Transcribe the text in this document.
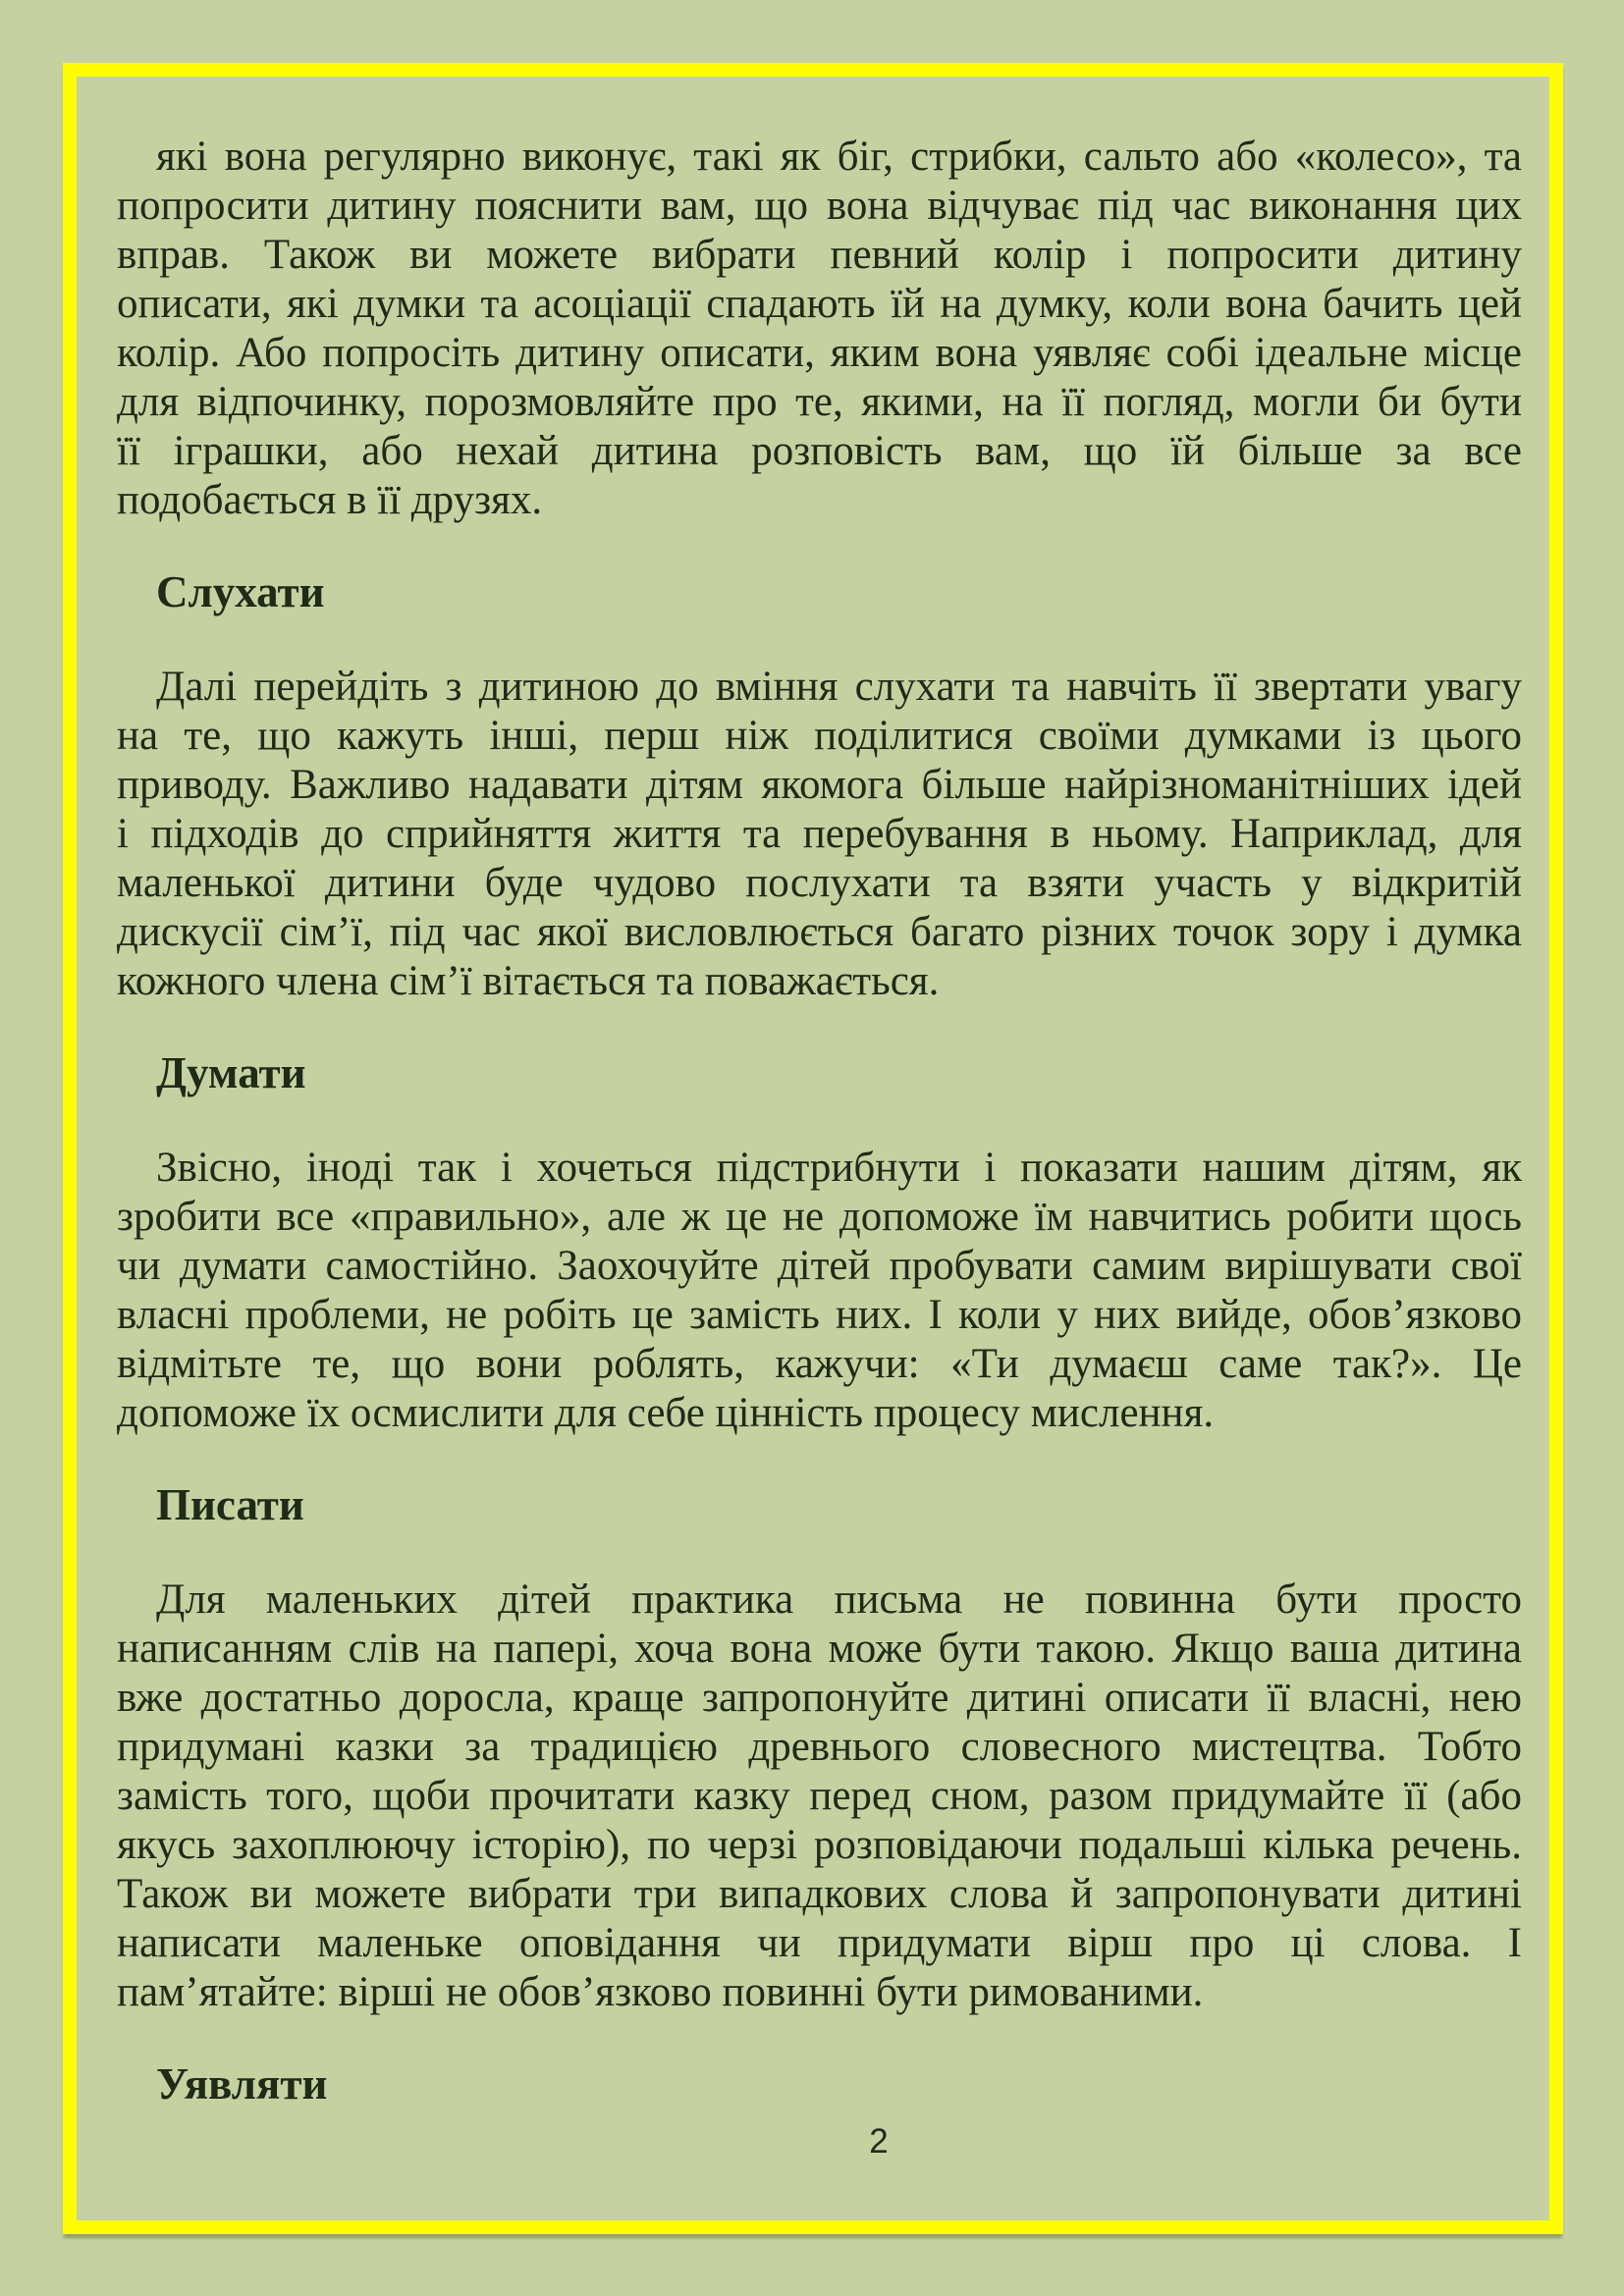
які вона регулярно виконує, такі як біг, стрибки, сальто або «колесо», та
попросити дитину пояснити вам, що вона відчуває під час виконання цих
вправ. Також ви можете вибрати певний колір і попросити дитину
описати, які думки та асоціації спадають їй на думку, коли вона бачить цей
колір. Або попросіть дитину описати, яким вона уявляє собі ідеальне місце
для відпочинку, порозмовляйте про те, якими, на її погляд, могли би бути
її іграшки, або нехай дитина розповість вам, що їй більше за все
подобається в її друзях.

Слухати

Далі перейдіть з дитиною до вміння слухати та навчіть її звертати увагу
на те, що кажуть інші, перш ніж поділитися своїми думками із цього
приводу. Важливо надавати дітям якомога більше найрізноманітніших ідей
і підходів до сприйняття життя та перебування в ньому. Наприклад, для
маленької дитини буде чудово послухати та взяти участь у відкритій
дискусії сім’ї, під час якої висловлюється багато різних точок зору і думка
кожного члена сім’ї вітається та поважається.

Думати

Звісно, іноді так і хочеться підстрибнути і показати нашим дітям, як
зробити все «правильно», але ж це не допоможе їм навчитись робити щось
чи думати самостійно. Заохочуйте дітей пробувати самим вирішувати свої
власні проблеми, не робіть це замість них. І коли у них вийде, обов’язково
відмітьте те, що вони роблять, кажучи: «Ти думаєш саме так?». Це
допоможе їх осмислити для себе цінність процесу мислення.

Писати

Для маленьких дітей практика письма не повинна бути просто
написанням слів на папері, хоча вона може бути такою. Якщо ваша дитина
вже достатньо доросла, краще запропонуйте дитині описати її власні, нею
придумані казки за традицією древнього словесного мистецтва. Тобто
замість того, щоби прочитати казку перед сном, разом придумайте її (або
якусь захоплюючу історію), по черзі розповідаючи подальші кілька речень.
Також ви можете вибрати три випадкових слова й запропонувати дитині
написати маленьке оповідання чи придумати вірш про ці слова. І
пам’ятайте: вірші не обов’язково повинні бути римованими.

Уявляти
2
